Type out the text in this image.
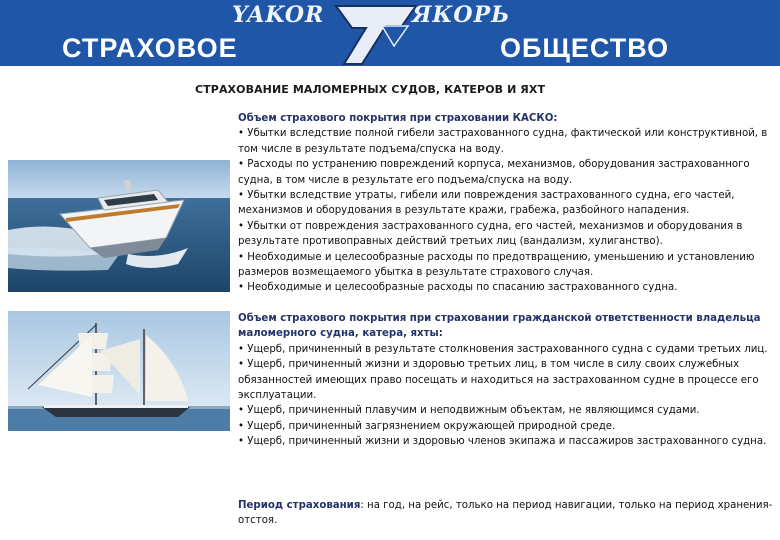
СТРАХОВОЕ	ОБЩЕСТВО
YAKOR	ЯКОРЬ
СТРАХОВАНИЕ МАЛОМЕРНЫХ СУДОВ, КАТЕРОВ И ЯХТ

Объем страхового покрытия при страховании КАСКО:

• Убытки вследствие полной гибели застрахованного судна, фактической или конструктивной, в том числе в результате подъема/спуска на воду.

• Расходы по устранению повреждений корпуса, механизмов, оборудования застрахованного судна, в том числе в результате его подъема/спуска на воду.

• Убытки вследствие утраты, гибели или повреждения застрахованного судна, его частей, механизмов и оборудования в результате кражи, грабежа, разбойного нападения.

• Убытки от повреждения застрахованного судна, его частей, механизмов и оборудования в результате противоправных действий третьих лиц (вандализм, хулиганство).

• Необходимые и целесообразные расходы по предотвращению, уменьшению и установлению размеров возмещаемого убытка в результате страхового случая.

• Необходимые и целесообразные расходы по спасанию застрахованного судна.

Объем страхового покрытия при страховании гражданской ответственности владельца маломерного судна, катера, яхты:

• Ущерб, причиненный в результате столкновения застрахованного судна с судами третьих лиц.

• Ущерб, причиненный жизни и здоровью третьих лиц, в том числе в силу своих служебных обязанностей имеющих право посещать и находиться на застрахованном судне в процессе его эксплуатации.

• Ущерб, причиненный плавучим и неподвижным объектам, не являющимся судами.

• Ущерб, причиненный загрязнением окружающей природной среде.

• Ущерб, причиненный жизни и здоровью членов экипажа и пассажиров застрахованного судна.

Период страхования: на год, на рейс, только на период навигации, только на период хранения-отстоя.
